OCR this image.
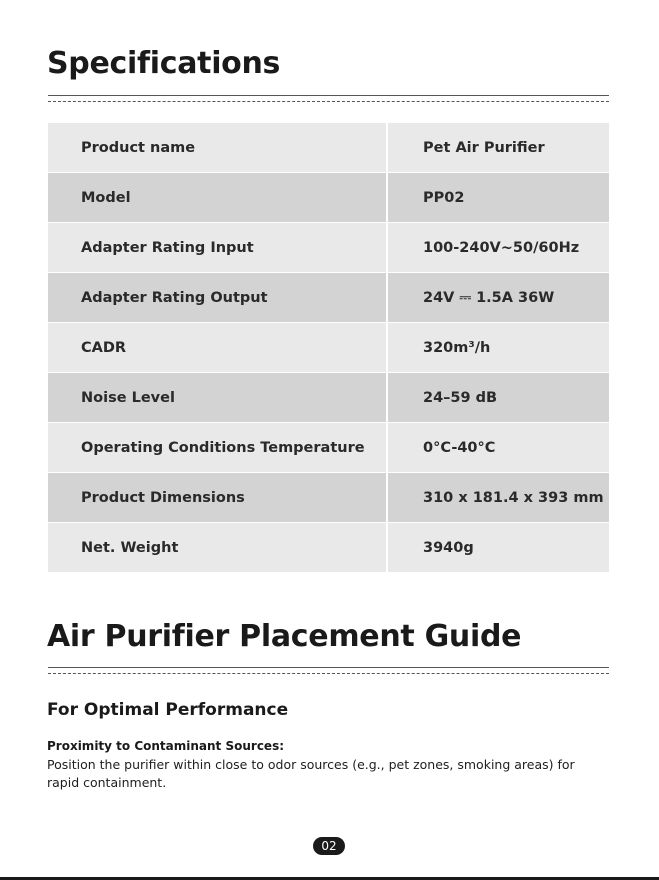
Specifications
Product name	Pet Air Purifier
Model	PP02
Adapter Rating Input	100-240V~50/60Hz
Adapter Rating Output	24V ⎓ 1.5A 36W
CADR	320m³/h
Noise Level	24–59 dB
Operating Conditions Temperature	0°C-40°C
Product Dimensions	310 x 181.4 x 393 mm
Net. Weight	3940g
Air Purifier Placement Guide
For Optimal Performance
Proximity to Contaminant Sources:

Position the purifier within close to odor sources (e.g., pet zones, smoking areas) for rapid containment.

02
